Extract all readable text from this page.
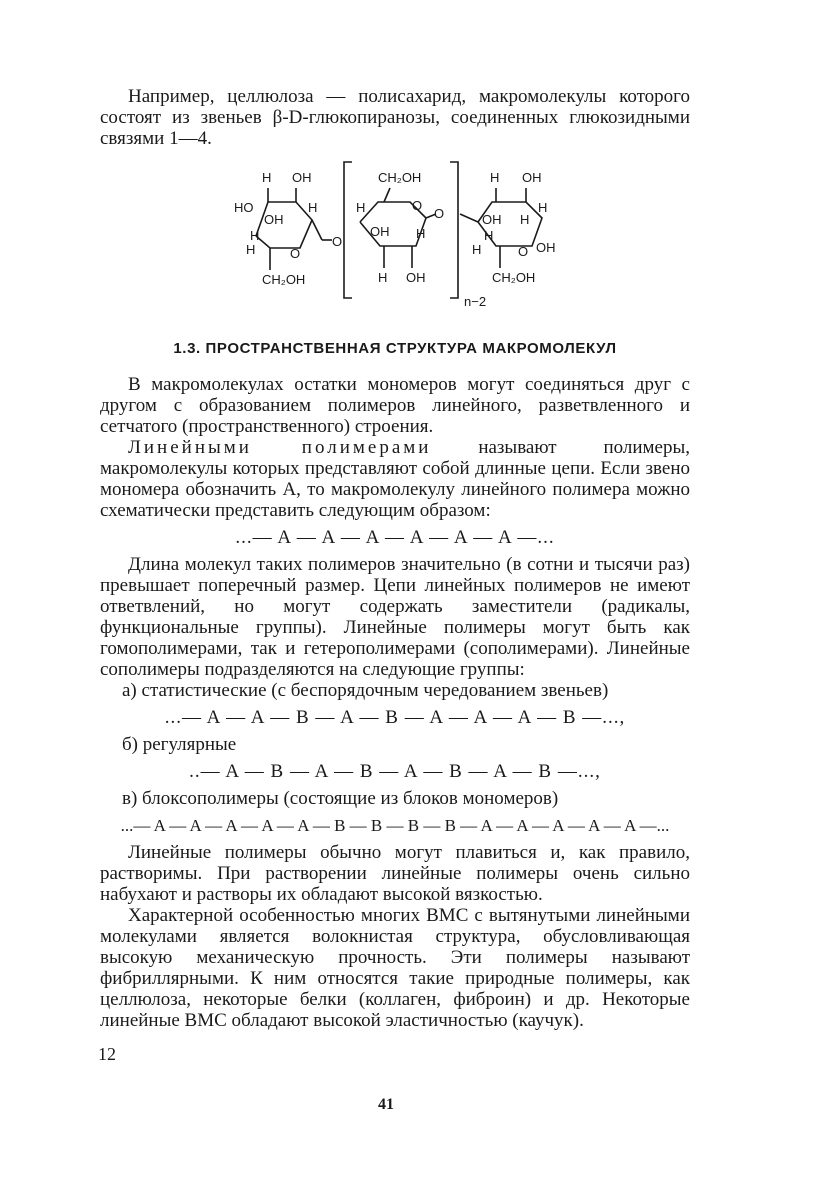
Например, целлюлоза — полисахарид, макромолекулы которого состоят из звеньев β-D-глюкопиранозы, соединенных глюкозидными связями 1—4.

H OH
HO	H
OH
H
H	O
CH₂OH
O
n−2
CH₂OH
H	O
OH H
H OH
O
H OH
H
OH H
H
H	O OH
CH₂OH
1.3. ПРОСТРАНСТВЕННАЯ СТРУКТУРА МАКРОМОЛЕКУЛ

В макромолекулах остатки мономеров могут соединяться друг с другом с образованием полимеров линейного, разветвленного и сетчатого (пространственного) строения.

Линейными полимерами называют полимеры, макромолекулы которых представляют собой длинные цепи. Если звено мономера обозначить А, то макромолекулу линейного полимера можно схематически представить следующим образом:

...— A — A — A — A — A — A —...

Длина молекул таких полимеров значительно (в сотни и тысячи раз) превышает поперечный размер. Цепи линейных полимеров не имеют ответвлений, но могут содержать заместители (радикалы, функциональные группы). Линейные полимеры могут быть как гомополимерами, так и гетерополимерами (сополимерами). Линейные сополимеры подразделяются на следующие группы:

а) статистические (с беспорядочным чередованием звеньев)

...— A — A — B — A — B — A — A — A — B —...,

б) регулярные

..— A — B — A — B — A — B — A — B —...,

в) блоксополимеры (состоящие из блоков мономеров)

...— A — A — A — A — A — B — B — B — B — A — A — A — A — A —...

Линейные полимеры обычно могут плавиться и, как правило, растворимы. При растворении линейные полимеры очень сильно набухают и растворы их обладают высокой вязкостью.

Характерной особенностью многих ВМС с вытянутыми линейными молекулами является волокнистая структура, обусловливающая высокую механическую прочность. Эти полимеры называют фибриллярными. К ним относятся такие природные полимеры, как целлюлоза, некоторые белки (коллаген, фиброин) и др. Некоторые линейные ВМС обладают высокой эластичностью (каучук).

12
41
